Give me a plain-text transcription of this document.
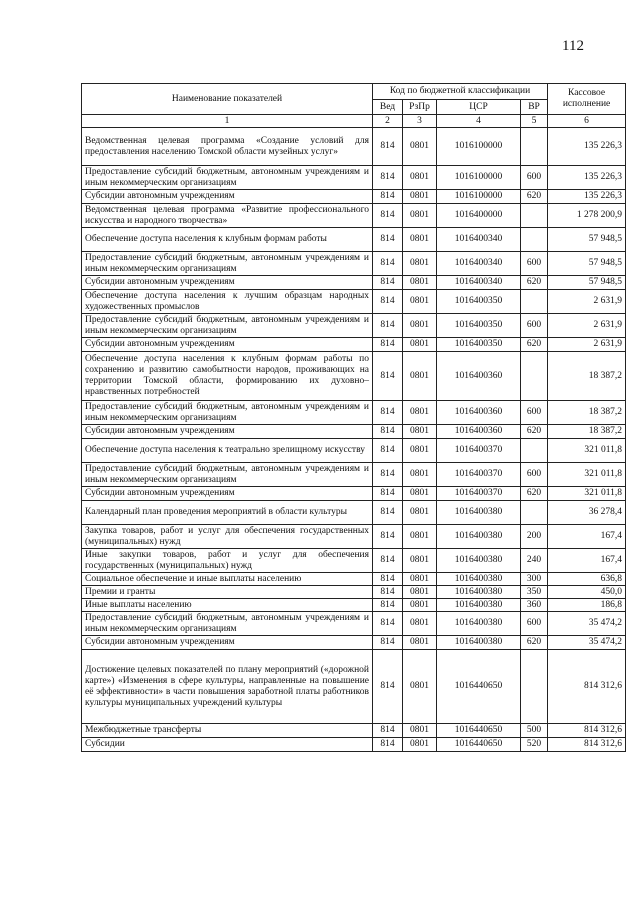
112
Наименование показателей	Код по бюджетной классификации				Кассовое исполнение
	Вед	РзПр	ЦСР	ВР	
1	2	3	4	5	6
Ведомственная целевая программа «Создание условий для предоставления населению Томской области музейных услуг»	814	0801	1016100000		135 226,3
Предоставление субсидий бюджетным, автономным учреждениям и иным некоммерческим организациям	814	0801	1016100000	600	135 226,3
Субсидии автономным учреждениям	814	0801	1016100000	620	135 226,3
Ведомственная целевая программа «Развитие профессионального искусства и народного творчества»	814	0801	1016400000		1 278 200,9
Обеспечение доступа населения к клубным формам работы	814	0801	1016400340		57 948,5
Предоставление субсидий бюджетным, автономным учреждениям и иным некоммерческим организациям	814	0801	1016400340	600	57 948,5
Субсидии автономным учреждениям	814	0801	1016400340	620	57 948,5
Обеспечение доступа населения к лучшим образцам народных художественных промыслов	814	0801	1016400350		2 631,9
Предоставление субсидий бюджетным, автономным учреждениям и иным некоммерческим организациям	814	0801	1016400350	600	2 631,9
Субсидии автономным учреждениям	814	0801	1016400350	620	2 631,9
Обеспечение доступа населения к клубным формам работы по сохранению и развитию самобытности народов, проживающих на территории Томской области, формированию их духовно–нравственных потребностей	814	0801	1016400360		18 387,2
Предоставление субсидий бюджетным, автономным учреждениям и иным некоммерческим организациям	814	0801	1016400360	600	18 387,2
Субсидии автономным учреждениям	814	0801	1016400360	620	18 387,2
Обеспечение доступа населения к театрально зрелищному искусству	814	0801	1016400370		321 011,8
Предоставление субсидий бюджетным, автономным учреждениям и иным некоммерческим организациям	814	0801	1016400370	600	321 011,8
Субсидии автономным учреждениям	814	0801	1016400370	620	321 011,8
Календарный план проведения мероприятий в области культуры	814	0801	1016400380		36 278,4
Закупка товаров, работ и услуг для обеспечения государственных (муниципальных) нужд	814	0801	1016400380	200	167,4
Иные закупки товаров, работ и услуг для обеспечения государственных (муниципальных) нужд	814	0801	1016400380	240	167,4
Социальное обеспечение и иные выплаты населению	814	0801	1016400380	300	636,8
Премии и гранты	814	0801	1016400380	350	450,0
Иные выплаты населению	814	0801	1016400380	360	186,8
Предоставление субсидий бюджетным, автономным учреждениям и иным некоммерческим организациям	814	0801	1016400380	600	35 474,2
Субсидии автономным учреждениям	814	0801	1016400380	620	35 474,2
Достижение целевых показателей по плану мероприятий («дорожной карте») «Изменения в сфере культуры, направленные на повышение её эффективности» в части повышения заработной платы работников культуры муниципальных учреждений культуры	814	0801	1016440650		814 312,6
Межбюджетные трансферты	814	0801	1016440650	500	814 312,6
Субсидии	814	0801	1016440650	520	814 312,6
